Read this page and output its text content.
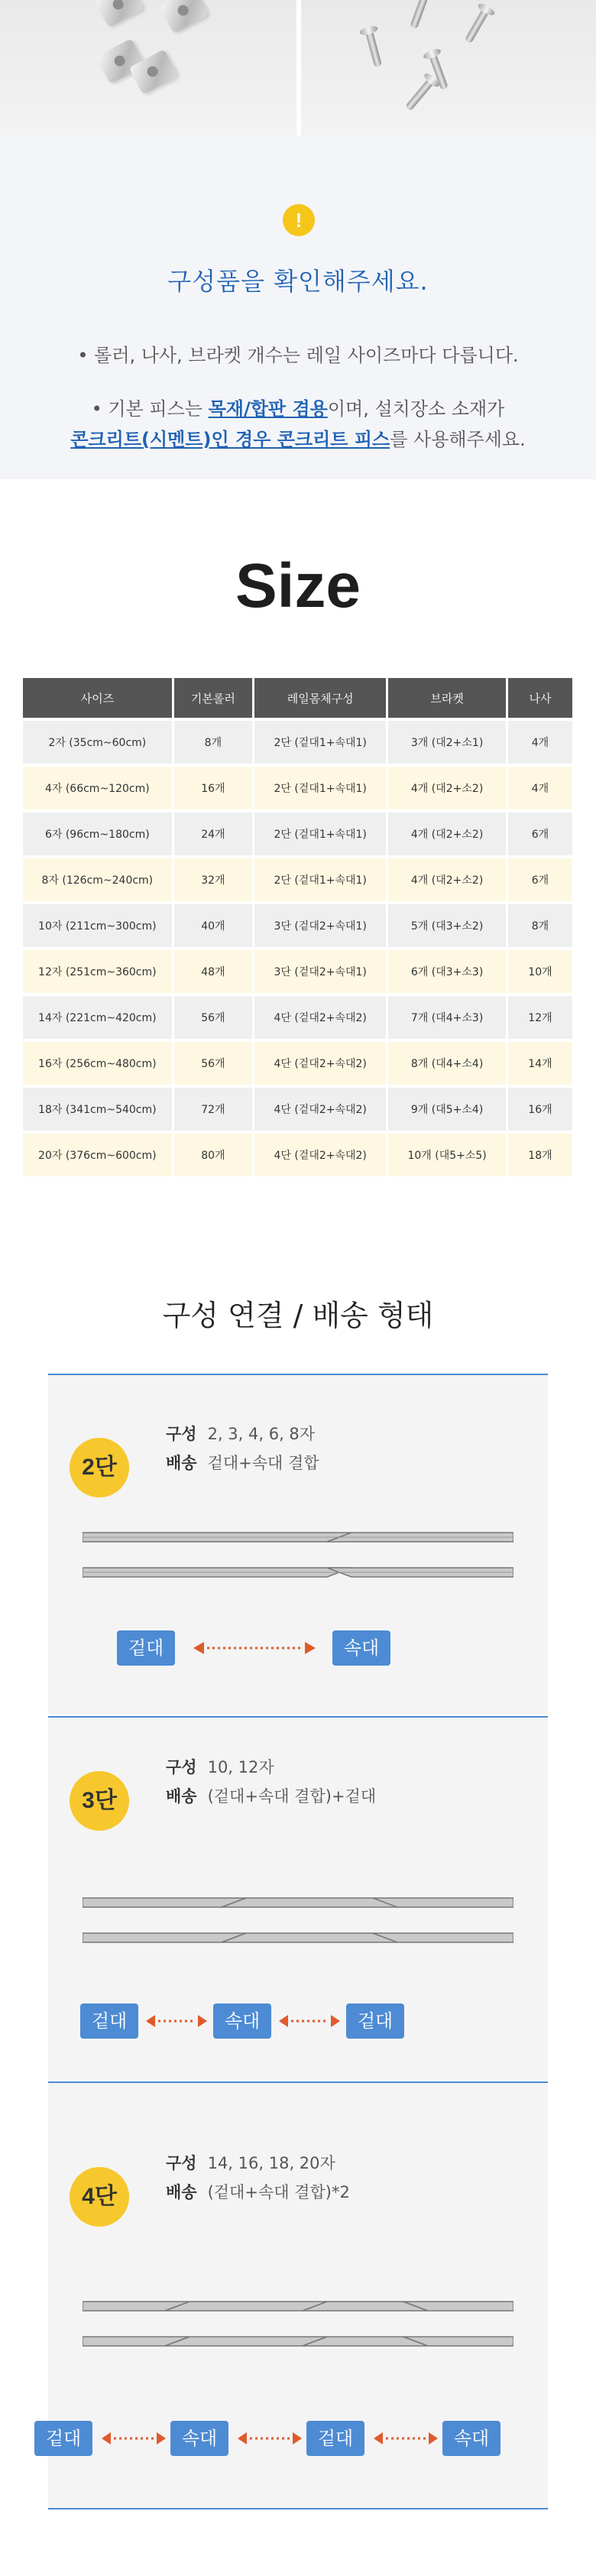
!
구성품을 확인해주세요.
• 롤러, 나사, 브라켓 개수는 레일 사이즈마다 다릅니다.
• 기본 피스는 목재/합판 겸용이며, 설치장소 소재가
콘크리트(시멘트)인 경우 콘크리트 피스를 사용해주세요.
Size
사이즈	기본롤러	레일몸체구성	브라켓	나사
2자 (35cm~60cm)	8개	2단 (겉대1+속대1)	3개 (대2+소1)	4개
4자 (66cm~120cm)	16개	2단 (겉대1+속대1)	4개 (대2+소2)	4개
6자 (96cm~180cm)	24개	2단 (겉대1+속대1)	4개 (대2+소2)	6개
8자 (126cm~240cm)	32개	2단 (겉대1+속대1)	4개 (대2+소2)	6개
10자 (211cm~300cm)	40개	3단 (겉대2+속대1)	5개 (대3+소2)	8개
12자 (251cm~360cm)	48개	3단 (겉대2+속대1)	6개 (대3+소3)	10개
14자 (221cm~420cm)	56개	4단 (겉대2+속대2)	7개 (대4+소3)	12개
16자 (256cm~480cm)	56개	4단 (겉대2+속대2)	8개 (대4+소4)	14개
18자 (341cm~540cm)	72개	4단 (겉대2+속대2)	9개 (대5+소4)	16개
20자 (376cm~600cm)	80개	4단 (겉대2+속대2)	10개 (대5+소5)	18개
구성 연결 / 배송 형태
2단
구성 2, 3, 4, 6, 8자
배송 겉대+속대 결합
겉대	속대
3단
구성 10, 12자
배송 (겉대+속대 결합)+겉대
겉대	속대	겉대
4단
구성 14, 16, 18, 20자
배송 (겉대+속대 결합)*2
겉대	속대	겉대	속대
